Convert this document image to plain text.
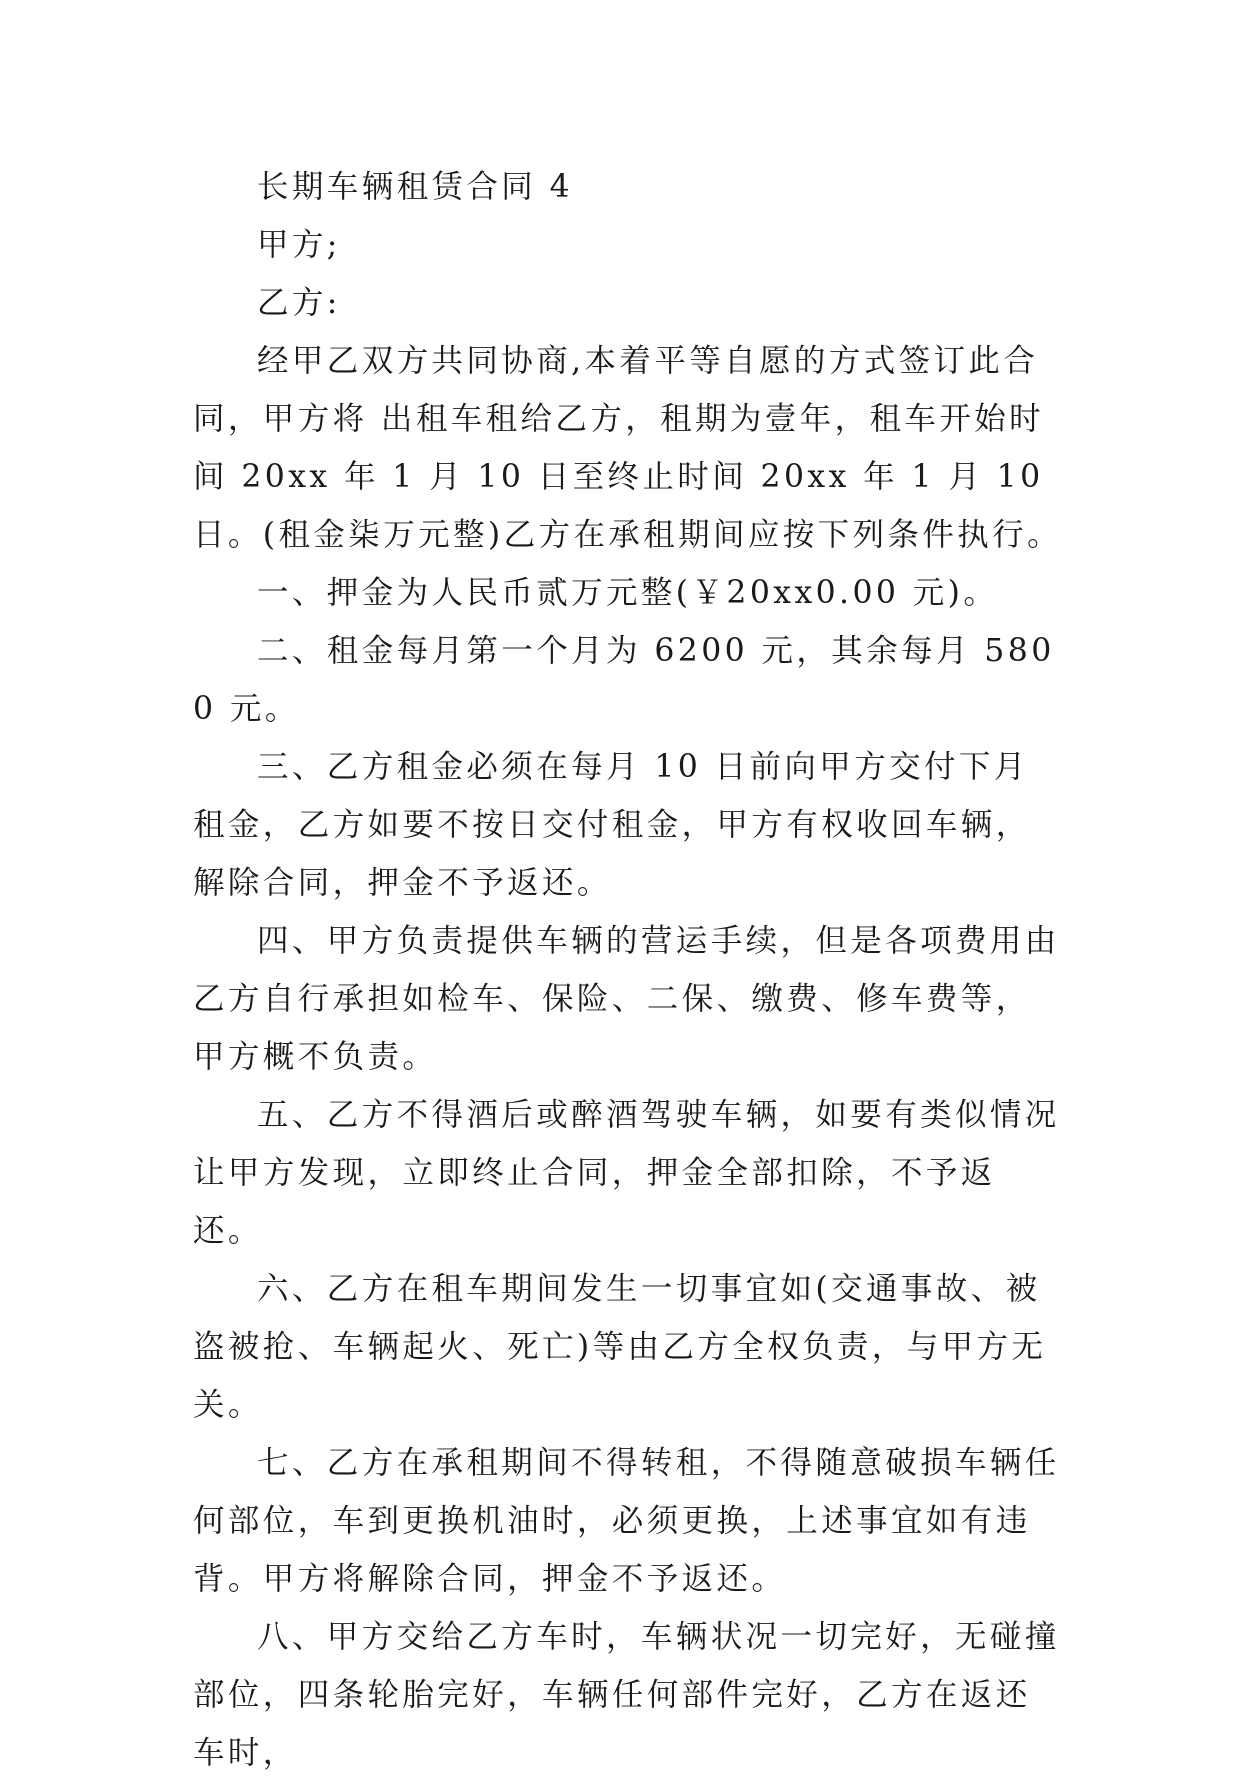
长期车辆租赁合同 4

甲方;

乙方:

经甲乙双方共同协商,本着平等自愿的方式签订此合同，甲方将 出租车租给乙方，租期为壹年，租车开始时间 20xx 年 1 月 10 日至终止时间 20xx 年 1 月 10 日。(租金柒万元整)乙方在承租期间应按下列条件执行。

一、押金为人民币贰万元整(￥20xx0.00 元)。

二、租金每月第一个月为 6200 元，其余每月 5800 元。

三、乙方租金必须在每月 10 日前向甲方交付下月租金，乙方如要不按日交付租金，甲方有权收回车辆，解除合同，押金不予返还。

四、甲方负责提供车辆的营运手续，但是各项费用由乙方自行承担如检车、保险、二保、缴费、修车费等，甲方概不负责。

五、乙方不得酒后或醉酒驾驶车辆，如要有类似情况让甲方发现，立即终止合同，押金全部扣除，不予返还。

六、乙方在租车期间发生一切事宜如(交通事故、被盗被抢、车辆起火、死亡)等由乙方全权负责，与甲方无关。

七、乙方在承租期间不得转租，不得随意破损车辆任何部位，车到更换机油时，必须更换，上述事宜如有违背。甲方将解除合同，押金不予返还。

八、甲方交给乙方车时，车辆状况一切完好，无碰撞部位，四条轮胎完好，车辆任何部件完好，乙方在返还车时，
